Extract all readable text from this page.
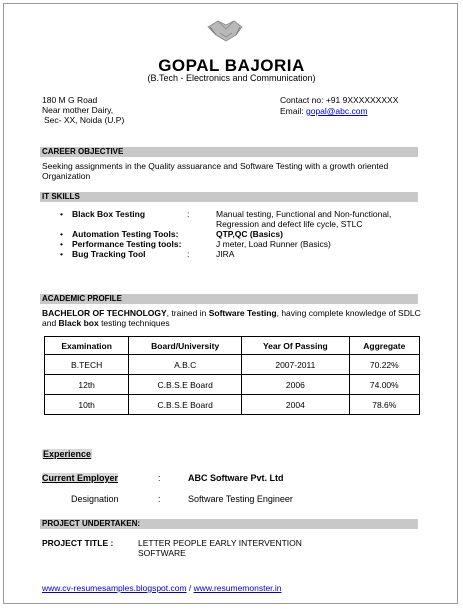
GOPAL BAJORIA
(B.Tech - Electronics and Communication)
180 M G Road
Near mother Dairy,
Sec- XX, Noida (U.P)
Contact no: +91 9XXXXXXXXX
Email: gopal@abc.com
CAREER OBJECTIVE
Seeking assignments in the Quality assuarance and Software Testing with a growth oriented Organization
IT SKILLS
• Black Box Testing	:	Manual testing, Functional and Non-functional, Regression and defect life cycle, STLC
• Automation Testing Tools:	QTP,QC (Basics)
• Performance Testing tools:	J meter, Load Runner (Basics)
• Bug Tracking Tool	:	JIRA
ACADEMIC PROFILE
BACHELOR OF TECHNOLOGY, trained in Software Testing, having complete knowledge of SDLC and Black box testing techniques
Examination	Board/University	Year Of Passing	Aggregate
B.TECH	A.B.C	2007-2011	70.22%
12th	C.B.S.E Board	2006	74.00%
10th	C.B.S.E Board	2004	78.6%
Experience
Current Employer	:	ABC Software Pvt. Ltd
Designation	:	Software Testing Engineer
PROJECT UNDERTAKEN:
PROJECT TITLE :	LETTER PEOPLE EARLY INTERVENTION
SOFTWARE
www.cv-resumesamples.blogspot.com / www.resumemonster.in
